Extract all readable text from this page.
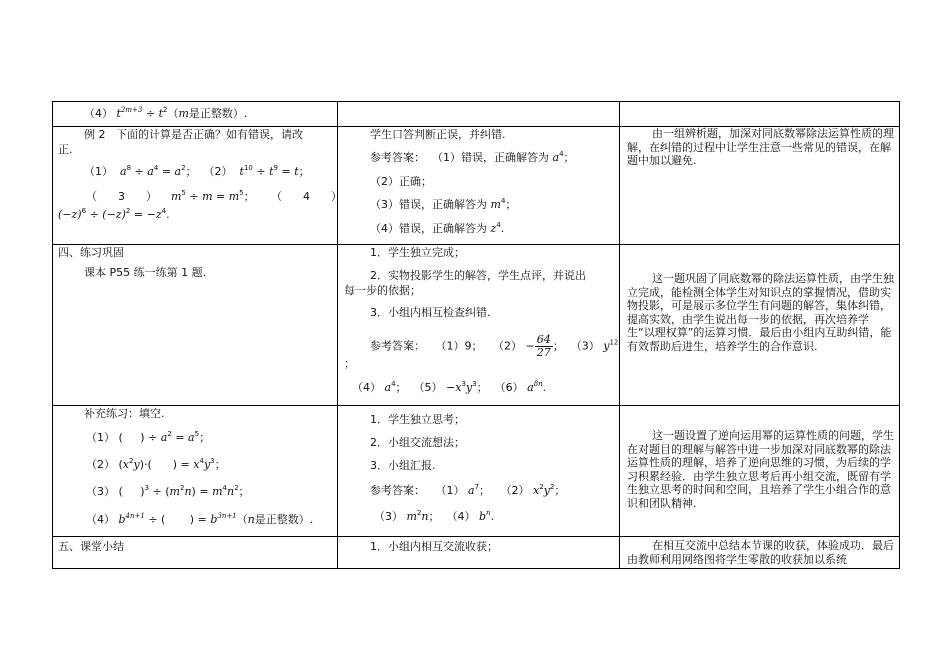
（4） $t^{2m+3} \div t^2(m$是正整数）.
例 2 下面的计算是否正确？如有错误，请改
正.
（1）  $a^8 \div a^4 = a^2$；  （2）  $t^{10} \div t^9 = t$；
（      3      ）    $m^5 \div m = m^5$； （      4      ）
$(-z)^6 \div (-z)^2 = -z^4$.
学生口答判断正误，并纠错.
参考答案：  （1）错误，正确解答为 $a^4$；
（2）正确；
（3）错误，正确解答为 $m^4$；
（4）错误，正确解答为 $z^4$.
由一组辨析题，加深对同底数幂除法运算性质的理解，在纠错的过程中让学生注意一些常见的错误，在解题中加以避免.
四、练习巩固
课本 P55 练一练第 1 题.
1．学生独立完成；
2．实物投影学生的解答，学生点评，并说出
每一步的依据；
3．小组内相互检查纠错.
参考答案： （1）9； $(2) - \frac{64}{27}$ ；  （3） $y^{12}$
；
（4） $a^4$；  $(5) -x^3y^3$；  （6） $a^{8n}$.
这一题巩固了同底数幂的除法运算性质，由学生独立完成，能检测全体学生对知识点的掌握情况，借助实物投影，可是展示多位学生有问题的解答，集体纠错，提高实效，由学生说出每一步的依据，再次培养学生“以理权算”的运算习惯．最后由小组内互助纠错，能有效帮助后进生，培养学生的合作意识.
补充练习：填空.
（1） (     ) ÷ $a^2 = a^5$；
（2） $(x^2y)\cdot$(      ) = $x^4y^3$；
（3） (     )$^3 \div (m^2n) = m^4n^2$；
（4） $b^{4n+1}$ ÷ (       ) = $b^{3n+1}(n$是正整数）.
1．学生独立思考；
2．小组交流想法；
3．小组汇报.
参考答案：   （1） $a^7$；   （2） $x^2y^2$；
（3） $m^2n$；  （4） $b^n$.
这一题设置了逆向运用幂的运算性质的问题，学生在对题目的理解与解答中进一步加深对同底数幂的除法运算性质的理解，培养了逆向思维的习惯，为后续的学习积累经验．由学生独立思考后再小组交流，既留有学生独立思考的时间和空间，且培养了学生小组合作的意识和团队精神.
五、课堂小结	1．小组内相互交流收获；	在相互交流中总结本节课的收获，体验成功．最后由教师利用网络图将学生零散的收获加以系统
